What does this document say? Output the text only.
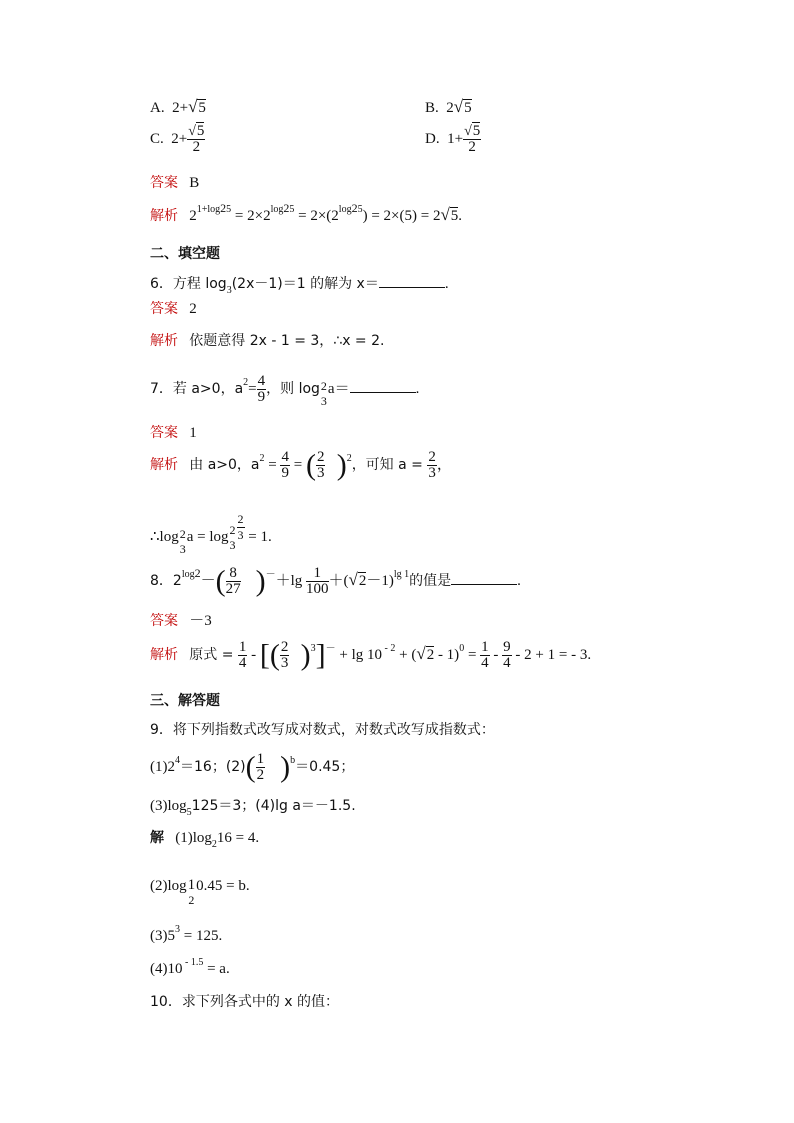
A. 2+√5	B. 2√5
C. $2+ \frac{√5}{2}$	D. $1+ \frac{√5}{2}$
答案 B
解析 $2^{1+log25} = 2\times 2^{log25} = 2\times(2^{log25}) = 2\times(5) = 2√5$.
二、填空题
6．方程 $\log_3(2x-1)=1$ 的解为 x＝	.
答案 2
解析 依题意得 2x - 1 = 3，∴x = 2.
7．若 a>0，$a^2= \frac{4}{9}$ ，则 log 2
3
a＝	.
答案 1
解析 由 a>0，$a^2 = \frac{4}{9}$ = ( $\frac{2}{3} )^2$，可知 $a = \frac{2}{3}$ ，
∴log 2
3
a = log 2
3
$\frac{2}{3} = 1$.
8．$2^{log2}-( \frac{8}{27} )^-+\lg \frac{1}{100} +(√2-1)^{lg 1}$的值是	.
答案 －3
解析 原式 = $\frac{1}{4}$ - [( $\frac{2}{3} )^3]^- + \lg 10$ $^{- 2} + (√2 - 1)^0 = \frac{1}{4} - \frac{9}{4} - 2 + 1$ = - 3.
三、解答题
9．将下列指数式改写成对数式，对数式改写成指数式：
$(1)2^4=16$；$(2)( \frac{1}{2} )^b=0.45$；
$(3)\log_5125=3$；(4)lg a＝－1.5.
解 $(1)\log_216 = 4$.
(2)log 1
2
0.45 = b.
$(3)5^3 = 125$.
(4)10 $^{- 1.5}$ = a.
10．求下列各式中的 x 的值：
